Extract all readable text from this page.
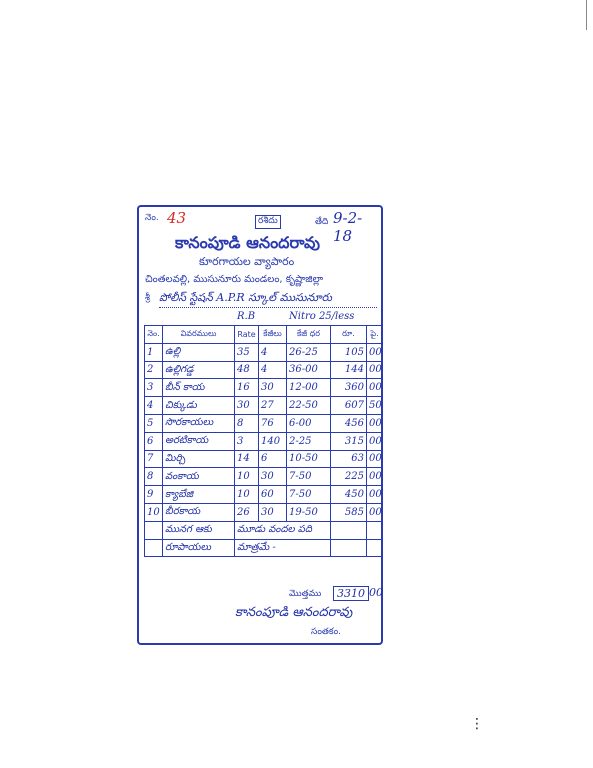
నెం. 43	రశీదు	తేది 9-2-18
కానంపూడి ఆనందరావు
కూరగాయల వ్యాపారం
చింతలవల్లి, ముసునూరు మండలం, కృష్ణాజిల్లా
శ్రీ పోలీస్ స్టేషన్ A.P.R స్కూల్ ముసునూరు
R.B	Nitro 25/less
నెం.	వివరములు	Rate	కేజీలు	కేజీ ధర	రూ.	పై.
1	ఉల్లి	35	4	26-25	105	00
2	ఉల్లిగడ్డ	48	4	36-00	144	00
3	బీన్ కాయ	16	30	12-00	360	00
4	చిక్కుడు	30	27	22-50	607	50
5	సొరకాయలు	8	76	6-00	456	00
6	అరటికాయ	3	140	2-25	315	00
7	మిర్చి	14	6	10-50	63	00
8	వంకాయ	10	30	7-50	225	00
9	క్యాబేజి	10	60	7-50	450	00
10	బీరకాయ	26	30	19-50	585	00
	మునగ ఆకు	మూడు వందల పది				
	రూపాయలు	మాత్రమే -				
మొత్తము	3310 00
కానంపూడి ఆనందరావు
సంతకం.
⋮
